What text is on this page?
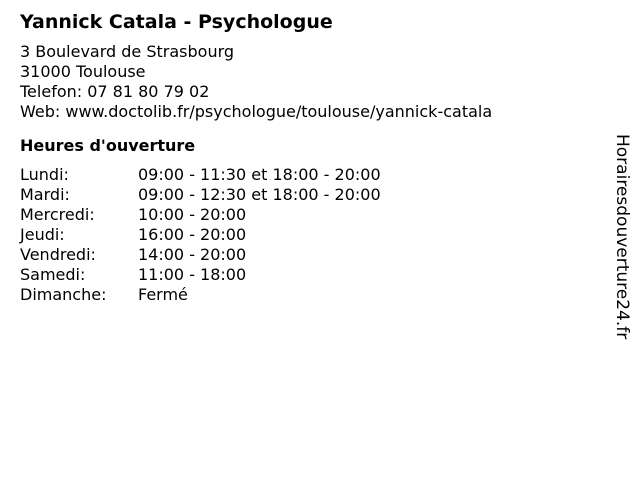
Yannick Catala - Psychologue
3 Boulevard de Strasbourg
31000 Toulouse
Telefon: 07 81 80 79 02
Web: www.doctolib.fr/psychologue/toulouse/yannick-catala
Heures d'ouverture
Lundi:	09:00 - 11:30 et 18:00 - 20:00
Mardi:	09:00 - 12:30 et 18:00 - 20:00
Mercredi:	10:00 - 20:00
Jeudi:	16:00 - 20:00
Vendredi:	14:00 - 20:00
Samedi:	11:00 - 18:00
Dimanche:	Fermé	Horairesdouverture24.fr
